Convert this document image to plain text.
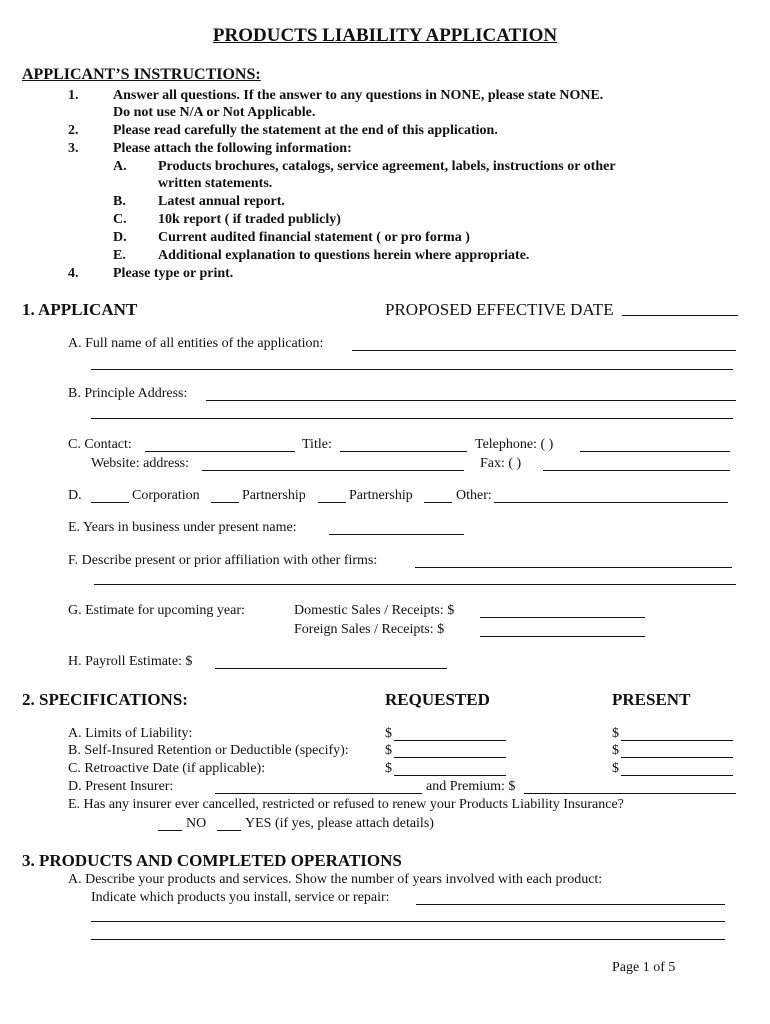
PRODUCTS LIABILITY APPLICATION
APPLICANT’S INSTRUCTIONS:
1. Answer all questions. If the answer to any questions in NONE, please state NONE.
Do not use N/A or Not Applicable.
2. Please read carefully the statement at the end of this application.
3. Please attach the following information:
A. Products brochures, catalogs, service agreement, labels, instructions or other
written statements.
B. Latest annual report.
C. 10k report ( if traded publicly)
D. Current audited financial statement ( or pro forma )
E. Additional explanation to questions herein where appropriate.
4. Please type or print.
1. APPLICANT	PROPOSED EFFECTIVE DATE
A. Full name of all entities of the application:
B. Principle Address:
C. Contact:	Title:	Telephone: ( )
Website: address:	Fax: ( )
D.	Corporation	Partnership	Partnership	Other:
E. Years in business under present name:
F. Describe present or prior affiliation with other firms:
G. Estimate for upcoming year:	Domestic Sales / Receipts: $
Foreign Sales / Receipts: $
H. Payroll Estimate: $
2. SPECIFICATIONS:	REQUESTED	PRESENT
A. Limits of Liability:	$	$
B. Self-Insured Retention or Deductible (specify):	$	$
C. Retroactive Date (if applicable):	$	$
D. Present Insurer:	and Premium: $
E. Has any insurer ever cancelled, restricted or refused to renew your Products Liability Insurance?
NO	YES (if yes, please attach details)
3. PRODUCTS AND COMPLETED OPERATIONS
A. Describe your products and services. Show the number of years involved with each product:
Indicate which products you install, service or repair:
Page 1 of 5
